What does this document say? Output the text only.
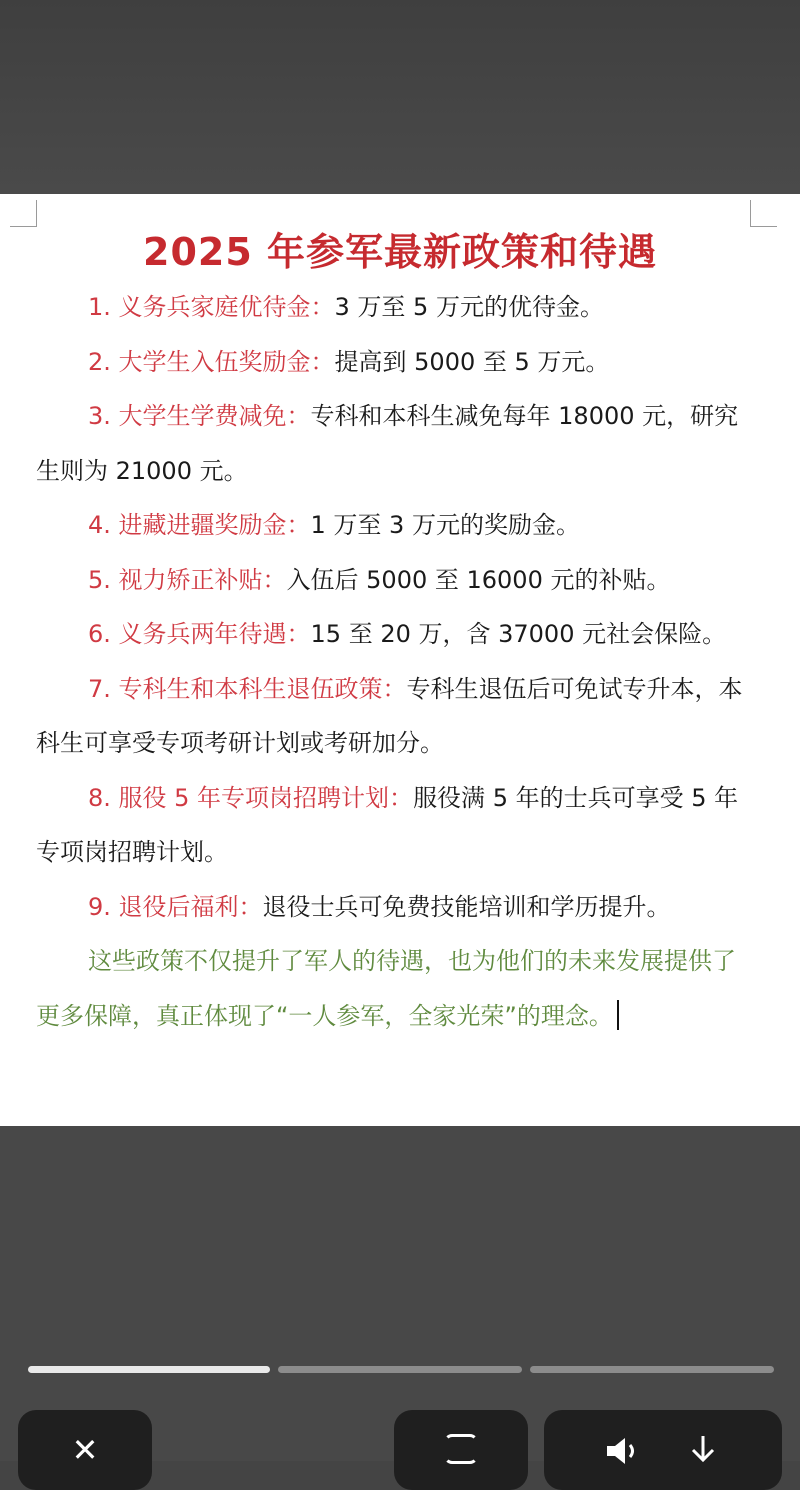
2025 年参军最新政策和待遇

1. 义务兵家庭优待金：3 万至 5 万元的优待金。

2. 大学生入伍奖励金：提高到 5000 至 5 万元。

3. 大学生学费减免：专科和本科生减免每年 18000 元，研究生则为 21000 元。

4. 进藏进疆奖励金：1 万至 3 万元的奖励金。

5. 视力矫正补贴：入伍后 5000 至 16000 元的补贴。

6. 义务兵两年待遇：15 至 20 万，含 37000 元社会保险。

7. 专科生和本科生退伍政策：专科生退伍后可免试专升本，本科生可享受专项考研计划或考研加分。

8. 服役 5 年专项岗招聘计划：服役满 5 年的士兵可享受 5 年专项岗招聘计划。

9. 退役后福利：退役士兵可免费技能培训和学历提升。

这些政策不仅提升了军人的待遇，也为他们的未来发展提供了更多保障，真正体现了“一人参军，全家光荣”的理念。

✕
